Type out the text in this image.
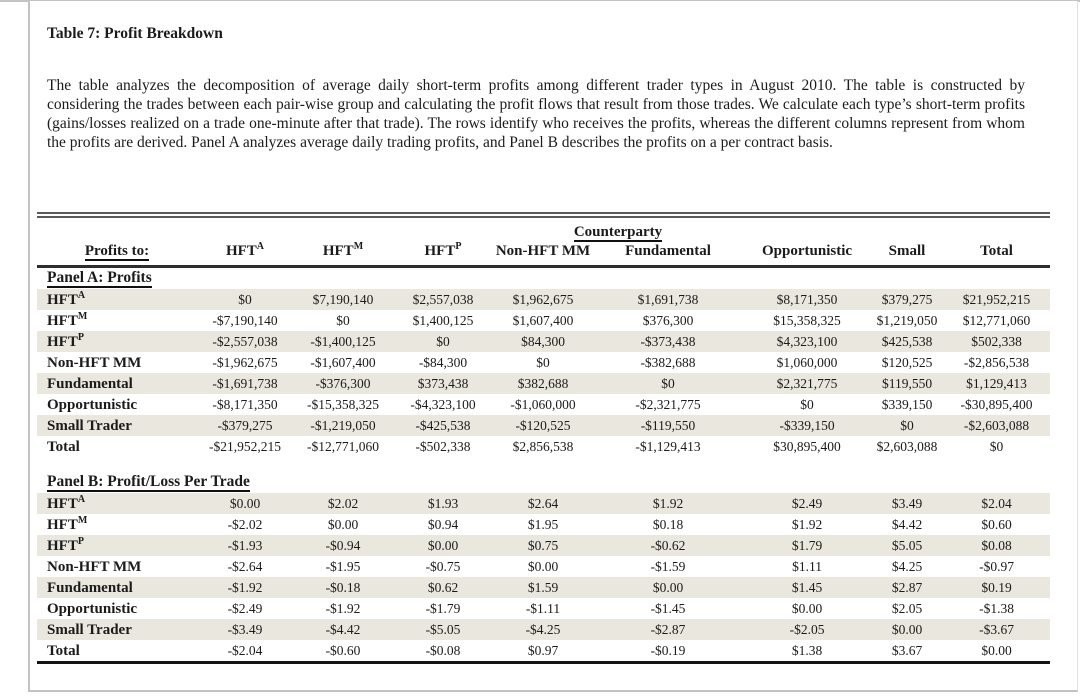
Table 7: Profit Breakdown

The table analyzes the decomposition of average daily short-term profits among different trader types in August 2010. The table is constructed by considering the trades between each pair-wise group and calculating the profit flows that result from those trades. We calculate each type’s short-term profits (gains/losses realized on a trade one-minute after that trade). The rows identify who receives the profits, whereas the different columns represent from whom the profits are derived. Panel A analyzes average daily trading profits, and Panel B describes the profits on a per contract basis.

				Counterparty				
Profits to:	$HFT^A$	$HFT^M$	$HFT^P$	Non-HFT MM	Fundamental	Opportunistic	Small	Total
Panel A: Profits								
$HFT^A$	$0	$7,190,140	$2,557,038	$1,962,675	$1,691,738	$8,171,350	$379,275	$21,952,215
$HFT^M$	-$7,190,140	$0	$1,400,125	$1,607,400	$376,300	$15,358,325	$1,219,050	$12,771,060
$HFT^P$	-$2,557,038	-$1,400,125	$0	$84,300	-$373,438	$4,323,100	$425,538	$502,338
Non-HFT MM	-$1,962,675	-$1,607,400	-$84,300	$0	-$382,688	$1,060,000	$120,525	-$2,856,538
Fundamental	-$1,691,738	-$376,300	$373,438	$382,688	$0	$2,321,775	$119,550	$1,129,413
Opportunistic	-$8,171,350	-$15,358,325	-$4,323,100	-$1,060,000	-$2,321,775	$0	$339,150	-$30,895,400
Small Trader	-$379,275	-$1,219,050	-$425,538	-$120,525	-$119,550	-$339,150	$0	-$2,603,088
Total	-$21,952,215	-$12,771,060	-$502,338	$2,856,538	-$1,129,413	$30,895,400	$2,603,088	$0
Panel B: Profit/Loss Per Trade								
$HFT^A$	$0.00	$2.02	$1.93	$2.64	$1.92	$2.49	$3.49	$2.04
$HFT^M$	-$2.02	$0.00	$0.94	$1.95	$0.18	$1.92	$4.42	$0.60
$HFT^P$	-$1.93	-$0.94	$0.00	$0.75	-$0.62	$1.79	$5.05	$0.08
Non-HFT MM	-$2.64	-$1.95	-$0.75	$0.00	-$1.59	$1.11	$4.25	-$0.97
Fundamental	-$1.92	-$0.18	$0.62	$1.59	$0.00	$1.45	$2.87	$0.19
Opportunistic	-$2.49	-$1.92	-$1.79	-$1.11	-$1.45	$0.00	$2.05	-$1.38
Small Trader	-$3.49	-$4.42	-$5.05	-$4.25	-$2.87	-$2.05	$0.00	-$3.67
Total	-$2.04	-$0.60	-$0.08	$0.97	-$0.19	$1.38	$3.67	$0.00
